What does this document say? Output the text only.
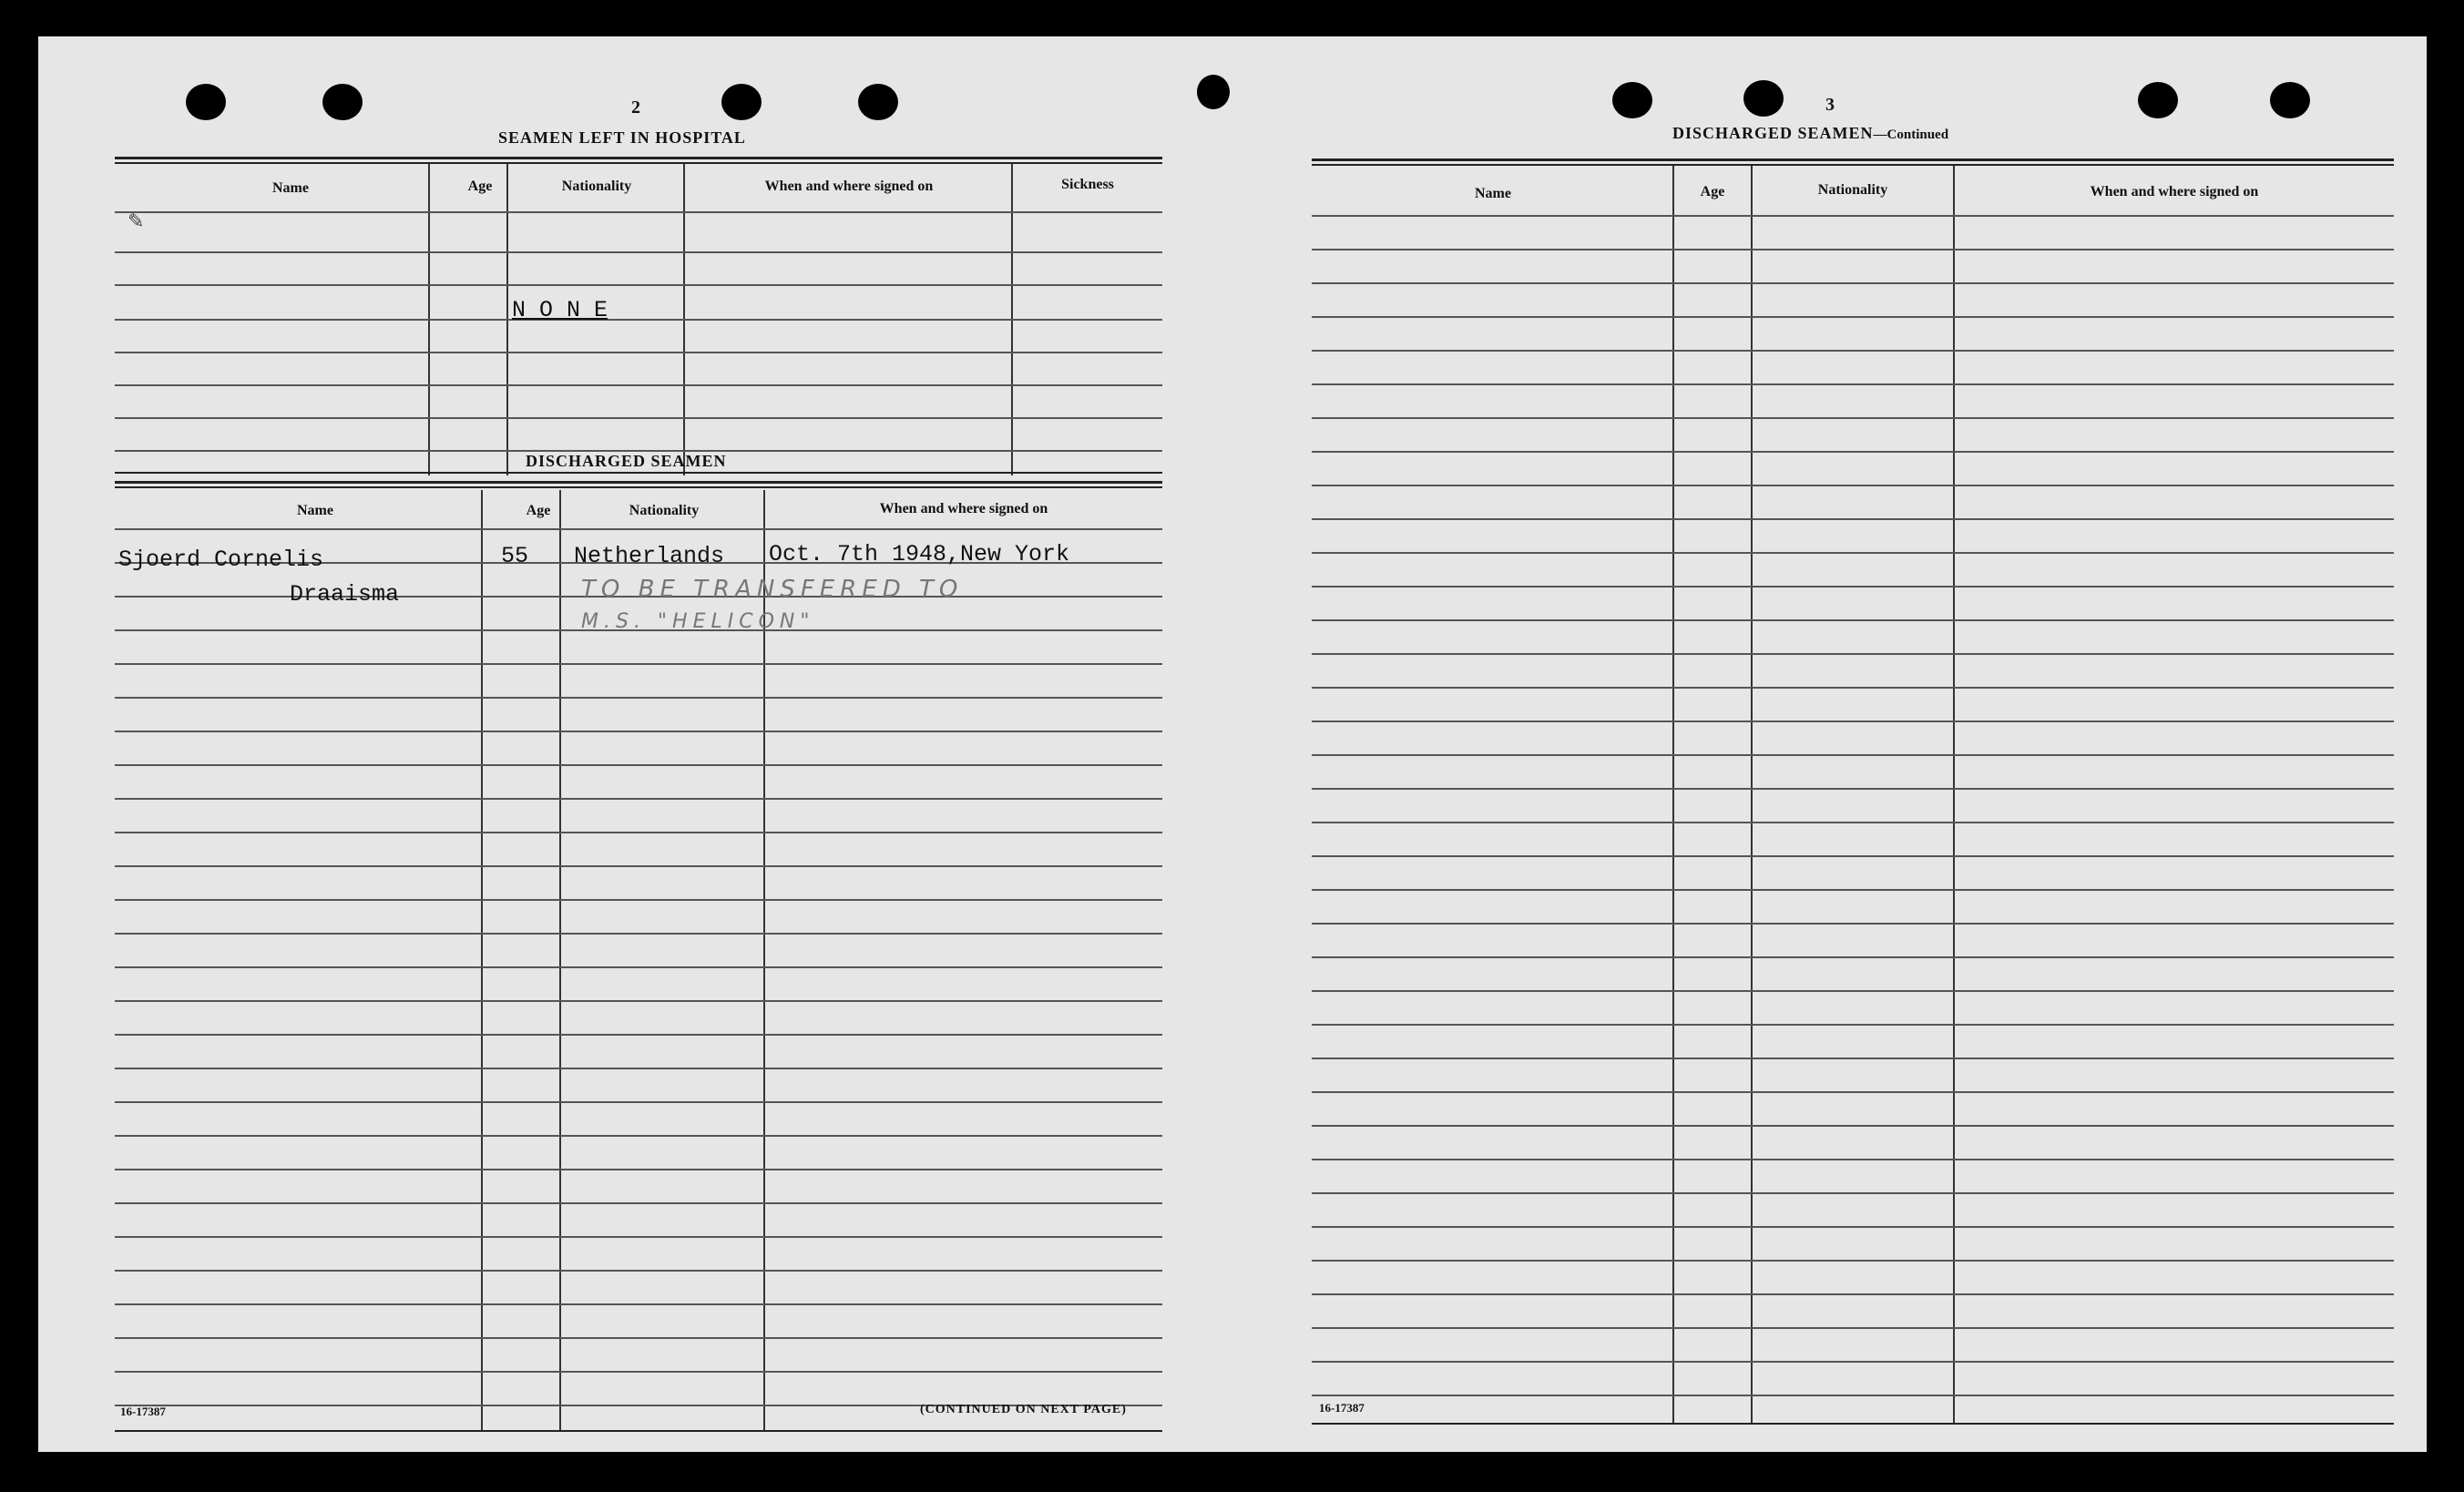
2
SEAMEN LEFT IN HOSPITAL
Name	Age	Nationality	When and where signed on	Sickness
✎
N O N E
DISCHARGED SEAMEN
Name	Age	Nationality	When and where signed on
Sjoerd Cornelis
Draaisma
55 Netherlands Oct. 7th 1948,New York
TO BE TRANSFERED TO
M.S. "HELICON"
16-17387	(CONTINUED ON NEXT PAGE)
3
DISCHARGED SEAMEN—Continued
Name	Age	Nationality	When and where signed on
16-17387
